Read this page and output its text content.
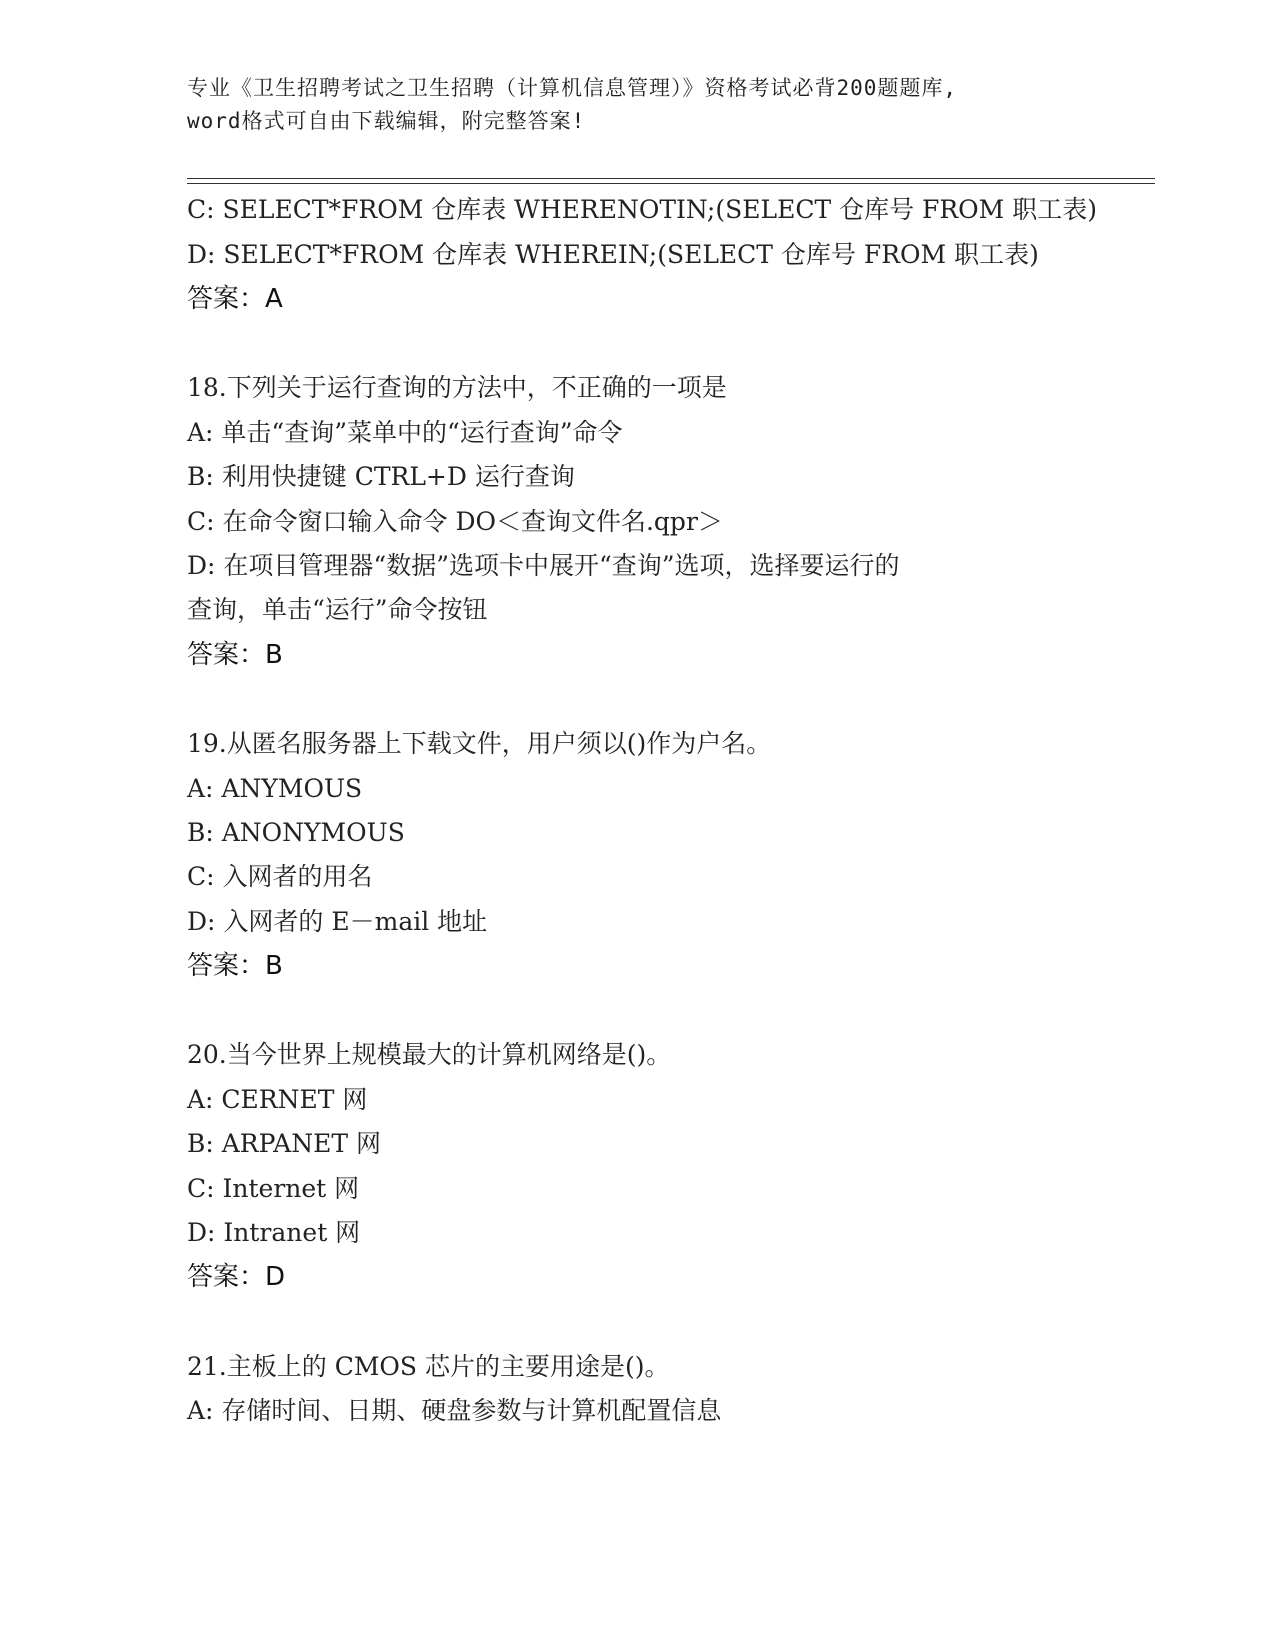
专业《卫生招聘考试之卫生招聘（计算机信息管理）》资格考试必背200题题库,
word格式可自由下载编辑，附完整答案!
C: SELECT*FROM 仓库表 WHERENOTIN;(SELECT 仓库号 FROM 职工表)
D: SELECT*FROM 仓库表 WHEREIN;(SELECT 仓库号 FROM 职工表)
答案：A
18.下列关于运行查询的方法中，不正确的一项是
A: 单击“查询”菜单中的“运行查询”命令
B: 利用快捷键 CTRL+D 运行查询
C: 在命令窗口输入命令 DO＜查询文件名.qpr＞
D: 在项目管理器“数据”选项卡中展开“查询”选项，选择要运行的
查询，单击“运行”命令按钮
答案：B
19.从匿名服务器上下载文件，用户须以()作为户名。
A: ANYMOUS
B: ANONYMOUS
C: 入网者的用名
D: 入网者的 E－mail 地址
答案：B
20.当今世界上规模最大的计算机网络是()。
A: CERNET 网
B: ARPANET 网
C: Internet 网
D: Intranet 网
答案：D
21.主板上的 CMOS 芯片的主要用途是()。
A: 存储时间、日期、硬盘参数与计算机配置信息
